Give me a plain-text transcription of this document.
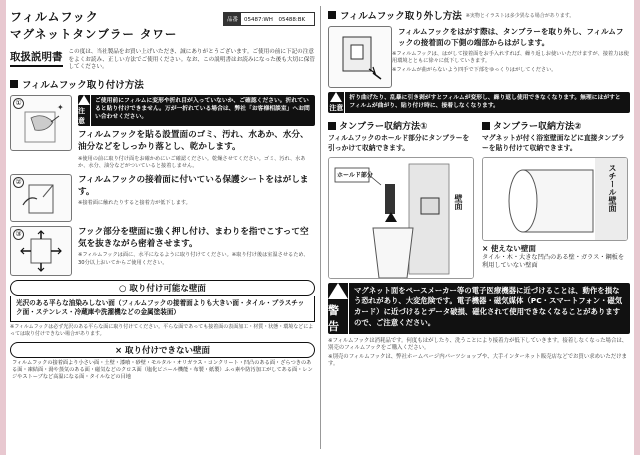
フィルムフック
マグネットタンブラー タワー
品番	05487:WH　05488:BK
取扱説明書 この度は、当社製品をお買い上げいただき、誠にありがとうございます。ご使用の前に下記の注意をよくお読み、正しい方法でご使用ください。なお、この説明書はお読みになった後も大切に保管してください。
フィルムフック取り付け方法
①	✦ 注意
ご使用前にフィルムに変形や折れ目が入っていないか、ご確認ください。折れていると貼り付けできません。万が一折れている場合は、弊社「お客様相談室」へお問い合わせください。
フィルムフックを貼る設置面のゴミ、汚れ、水あか、水分、油分などをしっかり落とし、乾かします。
※使用の前に取り付け面をお確かめにいご確認ください。乾燥させてください。ゴミ、汚れ、水あか、水分、油分などがついていると接着しません。
②	フィルムフックの接着面に付いている保護シートをはがします。
※接着面に触れたりすると接着力が低下します。
③	フック部分を壁面に強く押し付け、まわりを指でこすって空気を抜きながら密着させます。
※フィルムフックは面に、水平になるように取り付けてください。※取り付け後は室温させるため、30分以上おいてからご使用ください。
○ 取り付け可能な壁面
光沢のある平らな油染みしない面（フィルムフックの接着面よりも大きい面・タイル・プラスチック面・ステンレス・冷蔵庫や洗濯機などの金属塗装面）
※フィルムフックは必ず光沢のある平らな面に取り付けてください。平らな面であっても接着面の表面加工・材質・状態・環境などによっては取り付けできない場合があります。
× 取り付けできない壁面
フィルムフックの接着面より小さい面・土壁・漆喰・砂壁・モルタル・オリガラス・コンクリート・凹凸のある面・ざらつきのある面・凍結面・湯や蒸気のある面・磁気などのクロス面（塩化ビニール機能・布製・紙製）ふっ素や防汚加工がしてある面・レンジやストーブなど高温になる面・タイルなどの目地
フィルムフック取り外し方法 ※実物とイラストは多少異なる場合があります。
フィルムフックをはがす際は、タンブラーを取り外し、フィルムフックの接着面の下側の端部からはがします。
※フィルムフックは、はがして接着面をお手入れすれば、繰り返しお使いいただけますが、接着力は使用環境とともに徐々に低下していきます。
※フィルムが曲がらないよう四手で下部をゆっくりはがしてください。
注意
折り曲げたり、乱暴に引き剥がすとフィルムが変形し、繰り返し使用できなくなります。無理にはがすとフィルムが曲がり、貼り付け時に、接着しなくなります。
タンブラー収納方法①
フィルムフックのホールド部分にタンブラーを引っかけて収納できます。
ホールド部分
壁面
タンブラー収納方法②
マグネットが付く浴室壁面などに直接タンブラーを貼り付けて収納できます。
スチール壁面
× 使えない壁面
タイル・木・大きな凹凸のある壁・ガラス・鋼板を利用していない壁面
警告
マグネット面をペースメーカー等の電子医療機器に近づけることは、動作を損なう恐れがあり、大変危険です。電子機器・磁気媒体（PC・スマートフォン・磁気カード）に近づけるとデータ破損、磁化されて使用できなくなることがありますので、ご注意ください。
※フィルムフックは消耗品です。何度もはがしたり、洗うことにより接着力が低下していきます。接着しなくなった場合は、別売のフィルムフックをご購入ください。
※別売のフィルムフックは、弊社ホームページ内パーツショップや、大手インターネット販売店などでお買い求めいただけます。
